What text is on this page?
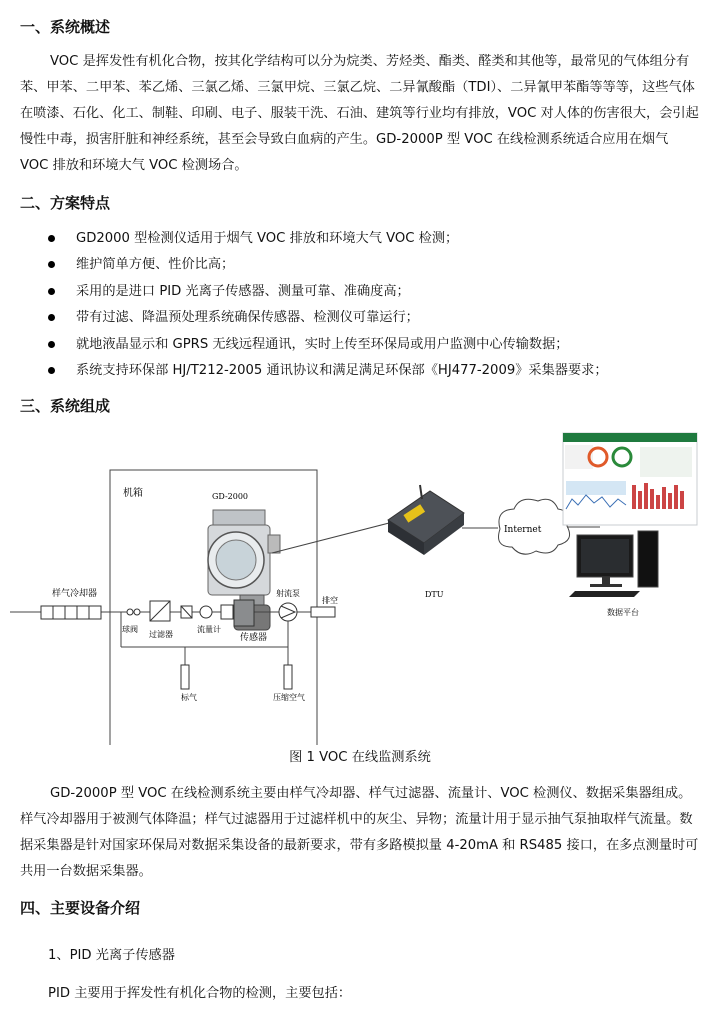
一、系统概述

VOC 是挥发性有机化合物，按其化学结构可以分为烷类、芳烃类、酯类、醛类和其他等，最常见的气体组分有苯、甲苯、二甲苯、苯乙烯、三氯乙烯、三氯甲烷、三氯乙烷、二异氰酸酯（TDI）、二异氰甲苯酯等等等，这些气体在喷漆、石化、化工、制鞋、印刷、电子、服装干洗、石油、建筑等行业均有排放，VOC 对人体的伤害很大，会引起慢性中毒，损害肝脏和神经系统，甚至会导致白血病的产生。GD-2000P 型 VOC 在线检测系统适合应用在烟气 VOC 排放和环境大气 VOC 检测场合。

二、方案特点
GD2000 型检测仪适用于烟气 VOC 排放和环境大气 VOC 检测；
维护简单方便、性价比高；
采用的是进口 PID 光离子传感器、测量可靠、准确度高；
带有过滤、降温预处理系统确保传感器、检测仪可靠运行；
就地液晶显示和 GPRS 无线远程通讯，实时上传至环保局或用户监测中心传输数据；
系统支持环保部 HJ/T212-2005 通讯协议和满足满足环保部《HJ477-2009》采集器要求；
三、系统组成
机箱	GD-2000
传感器
样气冷却器
球阀
过滤器
流量计
射流泵
排空
标气	压缩空气
DTU
Internet
数据平台
图 1 VOC 在线监测系统

GD-2000P 型 VOC 在线检测系统主要由样气冷却器、样气过滤器、流量计、VOC 检测仪、数据采集器组成。样气冷却器用于被测气体降温；样气过滤器用于过滤样机中的灰尘、异物；流量计用于显示抽气泵抽取样气流量。数据采集器是针对国家环保局对数据采集设备的最新要求，带有多路模拟量 4-20mA 和 RS485 接口，在多点测量时可共用一台数据采集器。

四、主要设备介绍
1、PID 光离子传感器
PID 主要用于挥发性有机化合物的检测，主要包括：
